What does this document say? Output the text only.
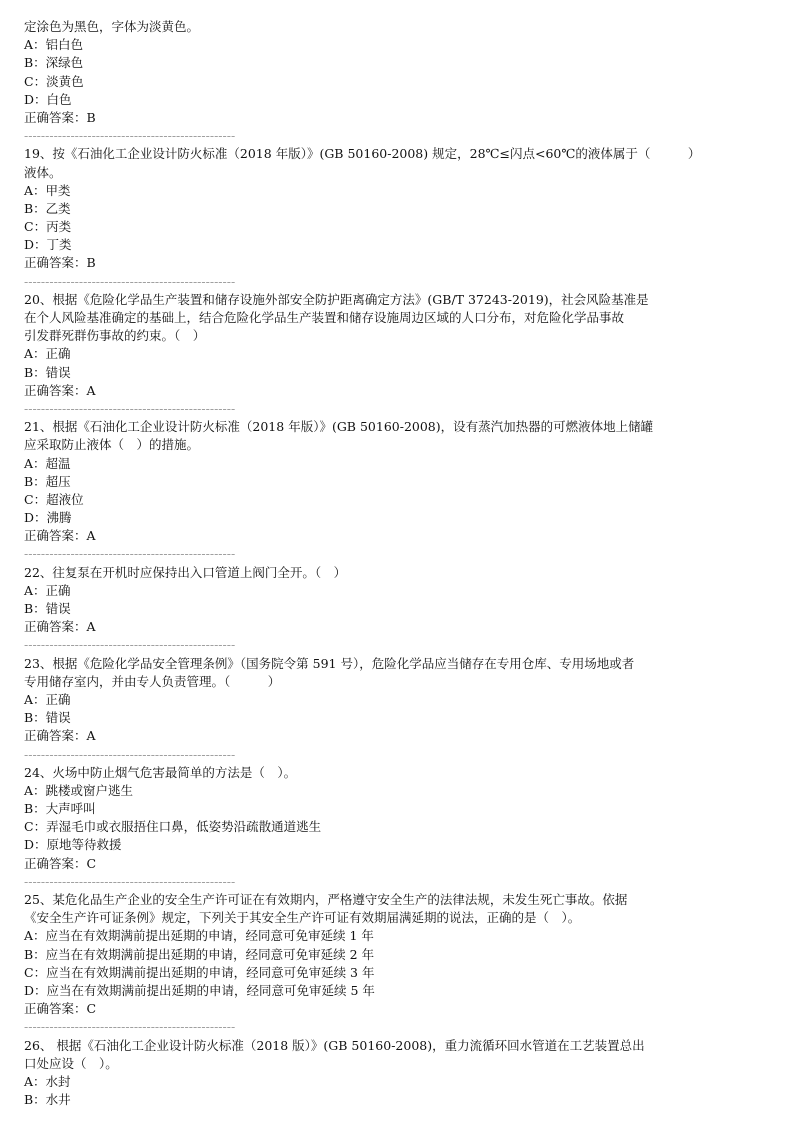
定涂色为黑色，字体为淡黄色。
A：铝白色
B：深绿色
C：淡黄色
D：白色
正确答案：B
--------------------------------------------------
19、按《石油化工企业设计防火标准（2018 年版）》(GB 50160-2008) 规定，28℃≤闪点<60℃的液体属于（　　　）
液体。
A：甲类
B：乙类
C：丙类
D：丁类
正确答案：B
--------------------------------------------------
20、根据《危险化学品生产装置和储存设施外部安全防护距离确定方法》(GB/T 37243-2019)，社会风险基准是
在个人风险基准确定的基础上，结合危险化学品生产装置和储存设施周边区域的人口分布，对危险化学品事故
引发群死群伤事故的约束。（　）
A：正确
B：错误
正确答案：A
--------------------------------------------------
21、根据《石油化工企业设计防火标准（2018 年版）》(GB 50160-2008)，设有蒸汽加热器的可燃液体地上储罐
应采取防止液体（　）的措施。
A：超温
B：超压
C：超液位
D：沸腾
正确答案：A
--------------------------------------------------
22、往复泵在开机时应保持出入口管道上阀门全开。（　）
A：正确
B：错误
正确答案：A
--------------------------------------------------
23、根据《危险化学品安全管理条例》（国务院令第 591 号），危险化学品应当储存在专用仓库、专用场地或者
专用储存室内，并由专人负责管理。（　　　）
A：正确
B：错误
正确答案：A
--------------------------------------------------
24、火场中防止烟气危害最简单的方法是（　）。
A：跳楼或窗户逃生
B：大声呼叫
C：弄湿毛巾或衣服捂住口鼻，低姿势沿疏散通道逃生
D：原地等待救援
正确答案：C
--------------------------------------------------
25、某危化品生产企业的安全生产许可证在有效期内，严格遵守安全生产的法律法规，未发生死亡事故。依据
《安全生产许可证条例》规定，下列关于其安全生产许可证有效期届满延期的说法，正确的是（　）。
A：应当在有效期满前提出延期的申请，经同意可免审延续 1 年
B：应当在有效期满前提出延期的申请，经同意可免审延续 2 年
C：应当在有效期满前提出延期的申请，经同意可免审延续 3 年
D：应当在有效期满前提出延期的申请，经同意可免审延续 5 年
正确答案：C
--------------------------------------------------
26、 根据《石油化工企业设计防火标准（2018 版）》(GB 50160-2008)，重力流循环回水管道在工艺装置总出
口处应设（　）。
A：水封
B：水井
